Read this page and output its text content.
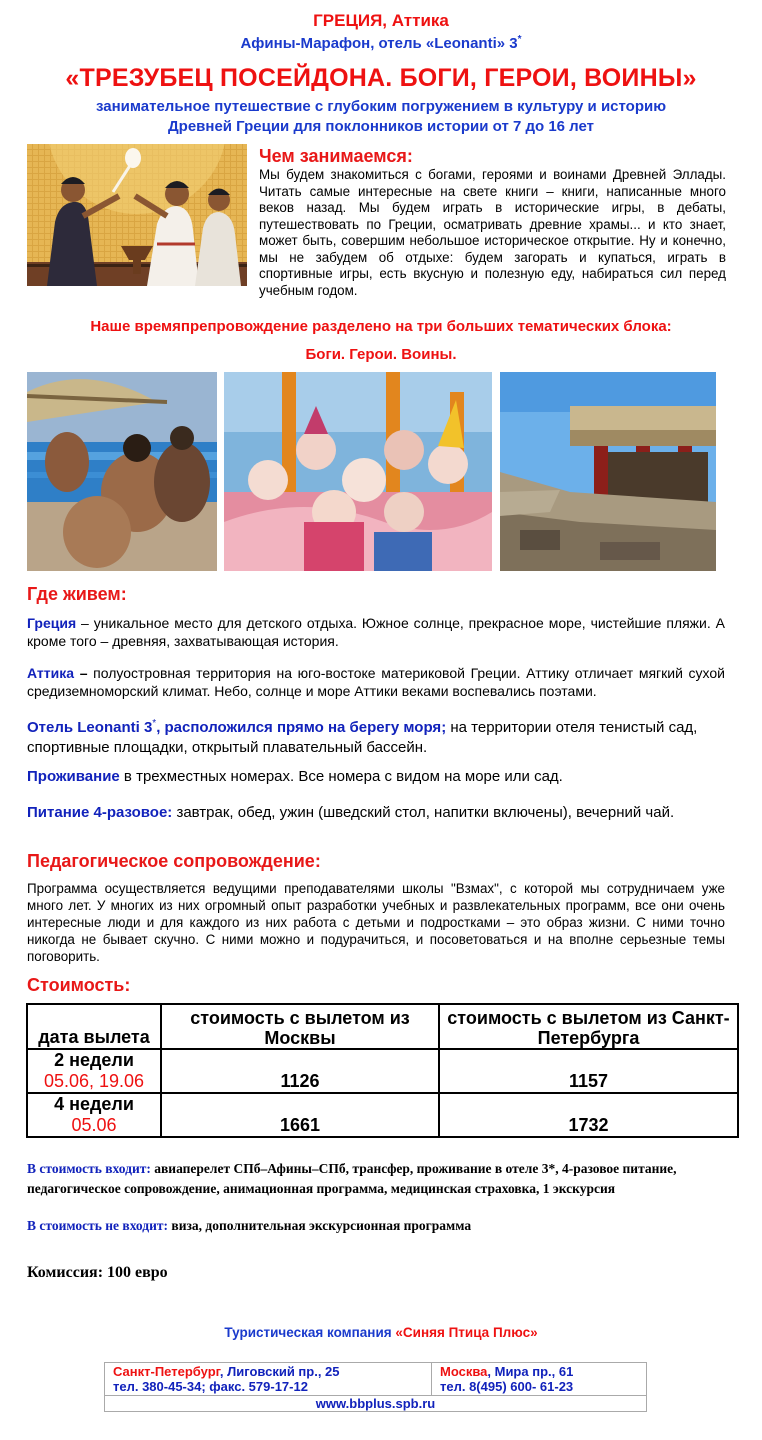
ГРЕЦИЯ, Аттика
Афины-Марафон, отель «Leonanti» 3*
«ТРЕЗУБЕЦ ПОСЕЙДОНА. БОГИ, ГЕРОИ, ВОИНЫ»
занимательное путешествие с глубоким погружением в культуру и историю
Древней Греции для поклонников истории от 7 до 16 лет
Чем занимаемся:
Мы будем знакомиться с богами, героями и воинами Древней Эллады. Читать самые интересные на свете книги – книги, написанные много веков назад. Мы будем играть в исторические игры, в дебаты, путешествовать по Греции, осматривать древние храмы... и кто знает, может быть, совершим небольшое историческое открытие. Ну и конечно, мы не забудем об отдыхе: будем загорать и купаться, играть в спортивные игры, есть вкусную и полезную еду, набираться сил перед учебным годом.
Наше времяпрепровождение разделено на три больших тематических блока:
Боги. Герои. Воины.
Где живем:
Греция – уникальное место для детского отдыха. Южное солнце, прекрасное море, чистейшие пляжи. А кроме того – древняя, захватывающая история.
Аттика – полуостровная территория на юго-востоке материковой Греции. Аттику отличает мягкий сухой средиземноморский климат. Небо, солнце и море Аттики веками воспевались поэтами.
Отель Leonanti 3*, расположился прямо на берегу моря; на территории отеля тенистый сад, спортивные площадки, открытый плавательный бассейн.
Проживание в трехместных номерах. Все номера с видом на море или сад.
Питание 4-разовое: завтрак, обед, ужин (шведский стол, напитки включены), вечерний чай.
Педагогическое сопровождение:
Программа осуществляется ведущими преподавателями школы "Взмах", с которой мы сотрудничаем уже много лет. У многих из них огромный опыт разработки учебных и развлекательных программ, все они очень интересные люди и для каждого из них работа с детьми и подростками – это образ жизни. С ними точно никогда не бывает скучно. С ними можно и подурачиться, и посоветоваться и на вполне серьезные темы поговорить.
Стоимость:
дата вылета	стоимость с вылетом из Москвы	стоимость с вылетом из Санкт-Петербурга

2 недели
05.06, 19.06	1126	1157

4 недели
05.06	1661	1732
В стоимость входит: авиаперелет СПб–Афины–СПб, трансфер, проживание в отеле 3*, 4-разовое питание, педагогическое сопровождение, анимационная программа, медицинская страховка, 1 экскурсия
В стоимость не входит: виза, дополнительная экскурсионная программа
Комиссия: 100 евро
Туристическая компания «Синяя Птица Плюс»
Санкт-Петербург, Лиговский пр., 25
тел. 380-45-34; факс. 579-17-12

Москва, Мира пр., 61
тел. 8(495) 600- 61-23

www.bbplus.spb.ru
